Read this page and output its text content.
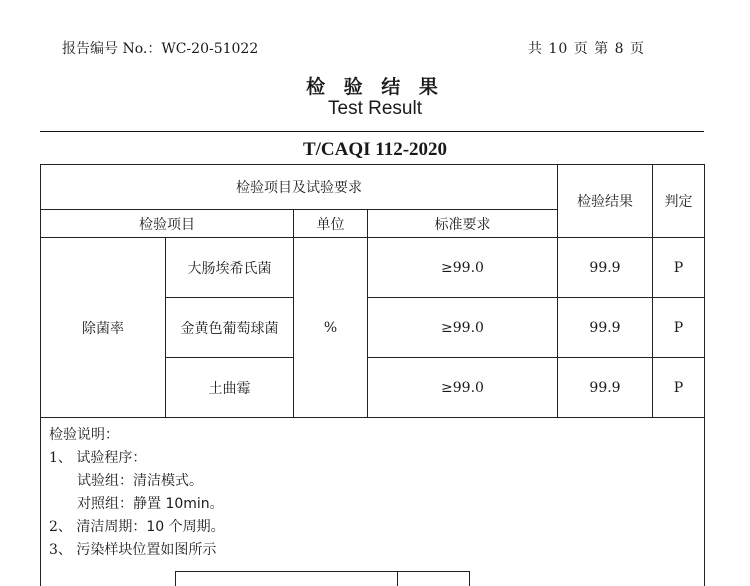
报告编号 No.：WC-20-51022	共 10 页 第 8 页
检 验 结 果
Test Result
T/CAQI 112-2020
检验项目及试验要求
检验项目	单位	标准要求
检验结果	判定
除菌率	%
大肠埃希氏菌	≥99.0	99.9	P
金黄色葡萄球菌	≥99.0	99.9	P
土曲霉	≥99.0	99.9	P
检验说明：
1、 试验程序：
试验组：清洁模式。
对照组：静置 10min。
2、 清洁周期：10 个周期。
3、 污染样块位置如图所示
